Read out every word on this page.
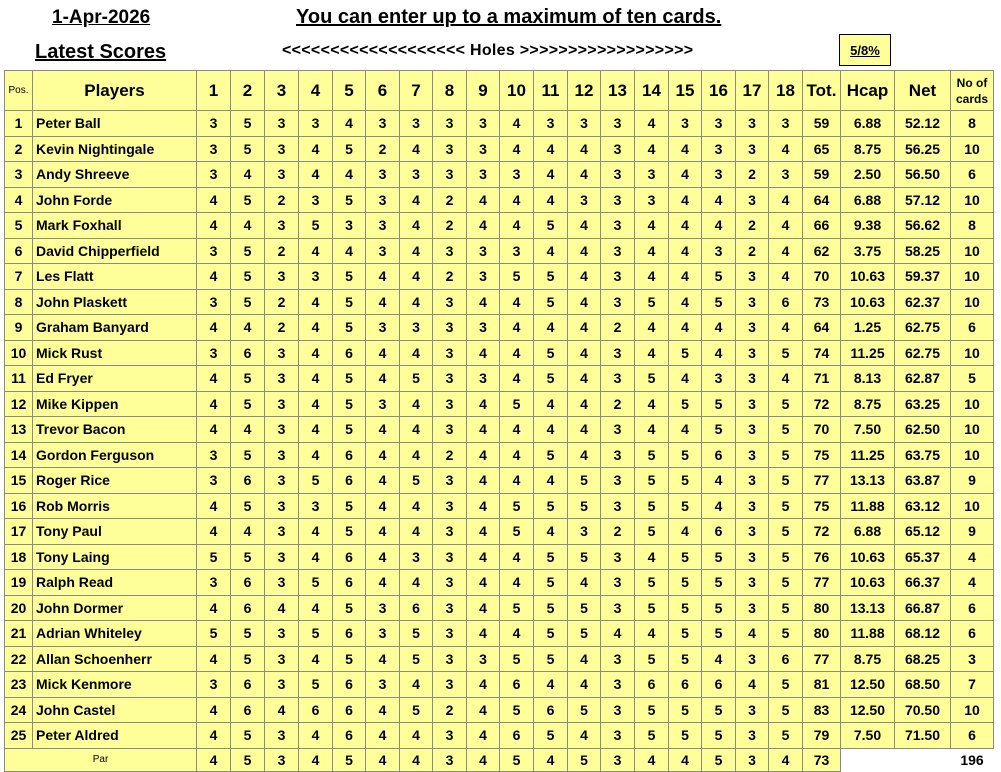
1-Apr-2026	You can enter up to a maximum of ten cards.
Latest Scores	<<<<<<<<<<<<<<<<<<< Holes >>>>>>>>>>>>>>>>>>	5/8%
Pos.	Players	1	2	3	4	5	6	7	8	9	10	11	12	13	14	15	16	17	18	Tot.	Hcap	Net	No of cards
1	Peter Ball	3	5	3	3	4	3	3	3	3	4	3	3	3	4	3	3	3	3	59	6.88	52.12	8
2	Kevin Nightingale	3	5	3	4	5	2	4	3	3	4	4	4	3	4	4	3	3	4	65	8.75	56.25	10
3	Andy Shreeve	3	4	3	4	4	3	3	3	3	3	4	4	3	3	4	3	2	3	59	2.50	56.50	6
4	John Forde	4	5	2	3	5	3	4	2	4	4	4	3	3	3	4	4	3	4	64	6.88	57.12	10
5	Mark Foxhall	4	4	3	5	3	3	4	2	4	4	5	4	3	4	4	4	2	4	66	9.38	56.62	8
6	David Chipperfield	3	5	2	4	4	3	4	3	3	3	4	4	3	4	4	3	2	4	62	3.75	58.25	10
7	Les Flatt	4	5	3	3	5	4	4	2	3	5	5	4	3	4	4	5	3	4	70	10.63	59.37	10
8	John Plaskett	3	5	2	4	5	4	4	3	4	4	5	4	3	5	4	5	3	6	73	10.63	62.37	10
9	Graham Banyard	4	4	2	4	5	3	3	3	3	4	4	4	2	4	4	4	3	4	64	1.25	62.75	6
10	Mick Rust	3	6	3	4	6	4	4	3	4	4	5	4	3	4	5	4	3	5	74	11.25	62.75	10
11	Ed Fryer	4	5	3	4	5	4	5	3	3	4	5	4	3	5	4	3	3	4	71	8.13	62.87	5
12	Mike Kippen	4	5	3	4	5	3	4	3	4	5	4	4	2	4	5	5	3	5	72	8.75	63.25	10
13	Trevor Bacon	4	4	3	4	5	4	4	3	4	4	4	4	3	4	4	5	3	5	70	7.50	62.50	10
14	Gordon Ferguson	3	5	3	4	6	4	4	2	4	4	5	4	3	5	5	6	3	5	75	11.25	63.75	10
15	Roger Rice	3	6	3	5	6	4	5	3	4	4	4	5	3	5	5	4	3	5	77	13.13	63.87	9
16	Rob Morris	4	5	3	3	5	4	4	3	4	5	5	5	3	5	5	4	3	5	75	11.88	63.12	10
17	Tony Paul	4	4	3	4	5	4	4	3	4	5	4	3	2	5	4	6	3	5	72	6.88	65.12	9
18	Tony Laing	5	5	3	4	6	4	3	3	4	4	5	5	3	4	5	5	3	5	76	10.63	65.37	4
19	Ralph Read	3	6	3	5	6	4	4	3	4	4	5	4	3	5	5	5	3	5	77	10.63	66.37	4
20	John Dormer	4	6	4	4	5	3	6	3	4	5	5	5	3	5	5	5	3	5	80	13.13	66.87	6
21	Adrian Whiteley	5	5	3	5	6	3	5	3	4	4	5	5	4	4	5	5	4	5	80	11.88	68.12	6
22	Allan Schoenherr	4	5	3	4	5	4	5	3	3	5	5	4	3	5	5	4	3	6	77	8.75	68.25	3
23	Mick Kenmore	3	6	3	5	6	3	4	3	4	6	4	4	3	6	6	6	4	5	81	12.50	68.50	7
24	John Castel	4	6	4	6	6	4	5	2	4	5	6	5	3	5	5	5	3	5	83	12.50	70.50	10
25	Peter Aldred	4	5	3	4	6	4	4	3	4	6	5	4	3	5	5	5	3	5	79	7.50	71.50	6
Par		4	5	3	4	5	4	4	3	4	5	4	5	3	4	4	5	3	4	73			196
